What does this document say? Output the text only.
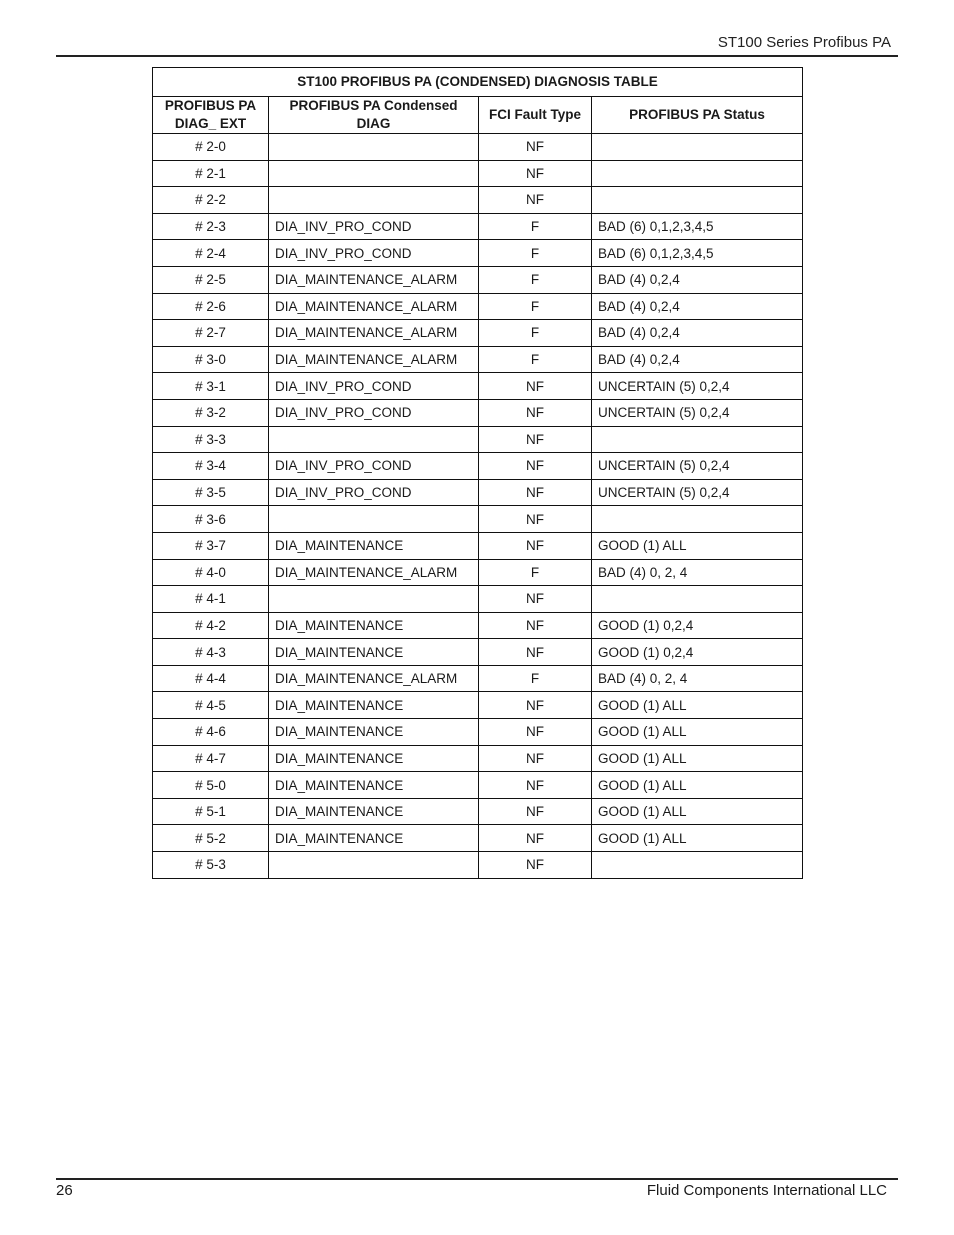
ST100 Series Profibus PA
ST100 PROFIBUS PA (CONDENSED) DIAGNOSIS TABLE			
PROFIBUS PA DIAG_ EXT	PROFIBUS PA Condensed DIAG	FCI Fault Type	PROFIBUS PA Status
# 2-0		NF	
# 2-1		NF	
# 2-2		NF	
# 2-3	DIA_INV_PRO_COND	F	BAD (6) 0,1,2,3,4,5
# 2-4	DIA_INV_PRO_COND	F	BAD (6) 0,1,2,3,4,5
# 2-5	DIA_MAINTENANCE_ALARM	F	BAD (4) 0,2,4
# 2-6	DIA_MAINTENANCE_ALARM	F	BAD (4) 0,2,4
# 2-7	DIA_MAINTENANCE_ALARM	F	BAD (4) 0,2,4
# 3-0	DIA_MAINTENANCE_ALARM	F	BAD (4) 0,2,4
# 3-1	DIA_INV_PRO_COND	NF	UNCERTAIN (5) 0,2,4
# 3-2	DIA_INV_PRO_COND	NF	UNCERTAIN (5) 0,2,4
# 3-3		NF	
# 3-4	DIA_INV_PRO_COND	NF	UNCERTAIN (5) 0,2,4
# 3-5	DIA_INV_PRO_COND	NF	UNCERTAIN (5) 0,2,4
# 3-6		NF	
# 3-7	DIA_MAINTENANCE	NF	GOOD (1) ALL
# 4-0	DIA_MAINTENANCE_ALARM	F	BAD (4) 0, 2, 4
# 4-1		NF	
# 4-2	DIA_MAINTENANCE	NF	GOOD (1) 0,2,4
# 4-3	DIA_MAINTENANCE	NF	GOOD (1) 0,2,4
# 4-4	DIA_MAINTENANCE_ALARM	F	BAD (4) 0, 2, 4
# 4-5	DIA_MAINTENANCE	NF	GOOD (1) ALL
# 4-6	DIA_MAINTENANCE	NF	GOOD (1) ALL
# 4-7	DIA_MAINTENANCE	NF	GOOD (1) ALL
# 5-0	DIA_MAINTENANCE	NF	GOOD (1) ALL
# 5-1	DIA_MAINTENANCE	NF	GOOD (1) ALL
# 5-2	DIA_MAINTENANCE	NF	GOOD (1) ALL
# 5-3		NF	
26	Fluid Components International LLC
